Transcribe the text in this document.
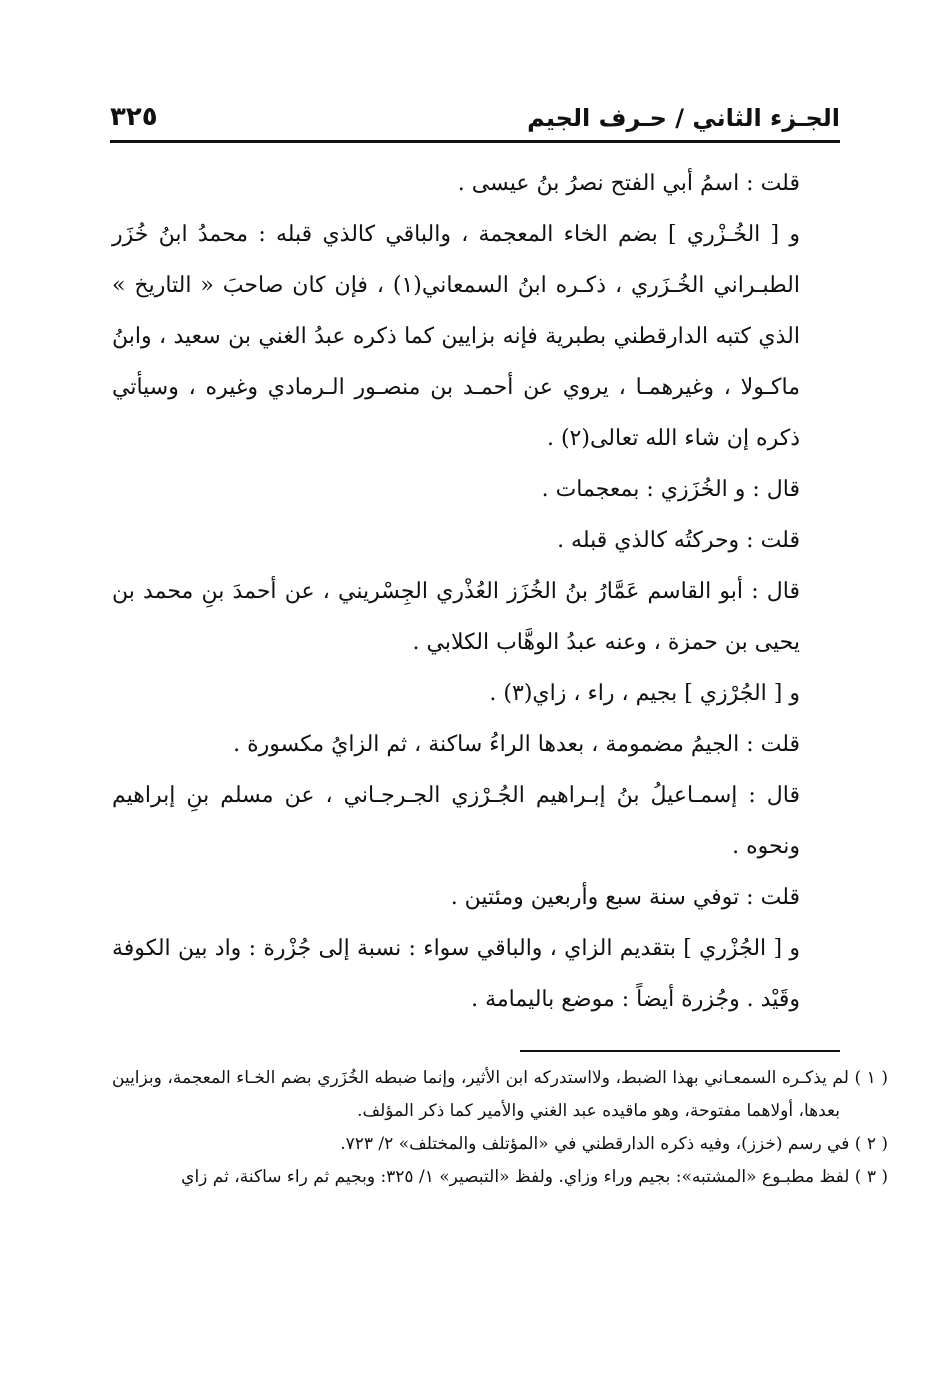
الجـزء الثاني / حـرف الجيم
٣٢٥

قلت : اسمُ أبي الفتح نصرُ بنُ عيسى .

و [ الخُـزْري ] بضم الخاء المعجمة ، والباقي كالذي قبله : محمدُ ابنُ خُزَر الطبـراني الخُـزَري ، ذكـره ابنُ السمعاني(١) ، فإن كان صاحبَ « التاريخ » الذي كتبه الدارقطني بطبرية فإنه بزايين كما ذكره عبدُ الغني بن سعيد ، وابنُ ماكـولا ، وغيرهمـا ، يروي عن أحمـد بن منصـور الـرمادي وغيره ، وسيأتي ذكره إن شاء الله تعالى(٢) .

قال : و الخُزَزي : بمعجمات .

قلت : وحركتُه كالذي قبله .

قال : أبو القاسم عَمَّارُ بنُ الخُزَز العُذْري الجِسْريني ، عن أحمدَ بنِ محمد بن يحيى بن حمزة ، وعنه عبدُ الوهَّاب الكلابي .

و [ الجُرْزي ] بجيم ، راء ، زاي(٣) .

قلت : الجيمُ مضمومة ، بعدها الراءُ ساكنة ، ثم الزايُ مكسورة .

قال : إسمـاعيلُ بنُ إبـراهيم الجُـرْزي الجـرجـاني ، عن مسلم بنِ إبراهيم ونحوه .

قلت : توفي سنة سبع وأربعين ومئتين .

و [ الجُزْري ] بتقديم الزاي ، والباقي سواء : نسبة إلى جُزْرة : واد بين الكوفة وقَيْد . وجُزرة أيضاً : موضع باليمامة .

( ١ ) لم يذكـره السمعـاني بهذا الضبط، ولااستدركه ابن الأثير، وإنما ضبطه الخُزَري بضم الخـاء المعجمة، وبزايين بعدها، أولاهما مفتوحة، وهو ماقيده عبد الغني والأمير كما ذكر المؤلف.

( ٢ ) في رسم (خزز)، وفيه ذكره الدارقطني في «المؤتلف والمختلف» ٢/ ٧٢٣.

( ٣ ) لفظ مطبـوع «المشتبه»: بجيم وراء وزاي. ولفظ «التبصير» ١/ ٣٢٥: وبجيم ثم راء ساكنة، ثم زاي
